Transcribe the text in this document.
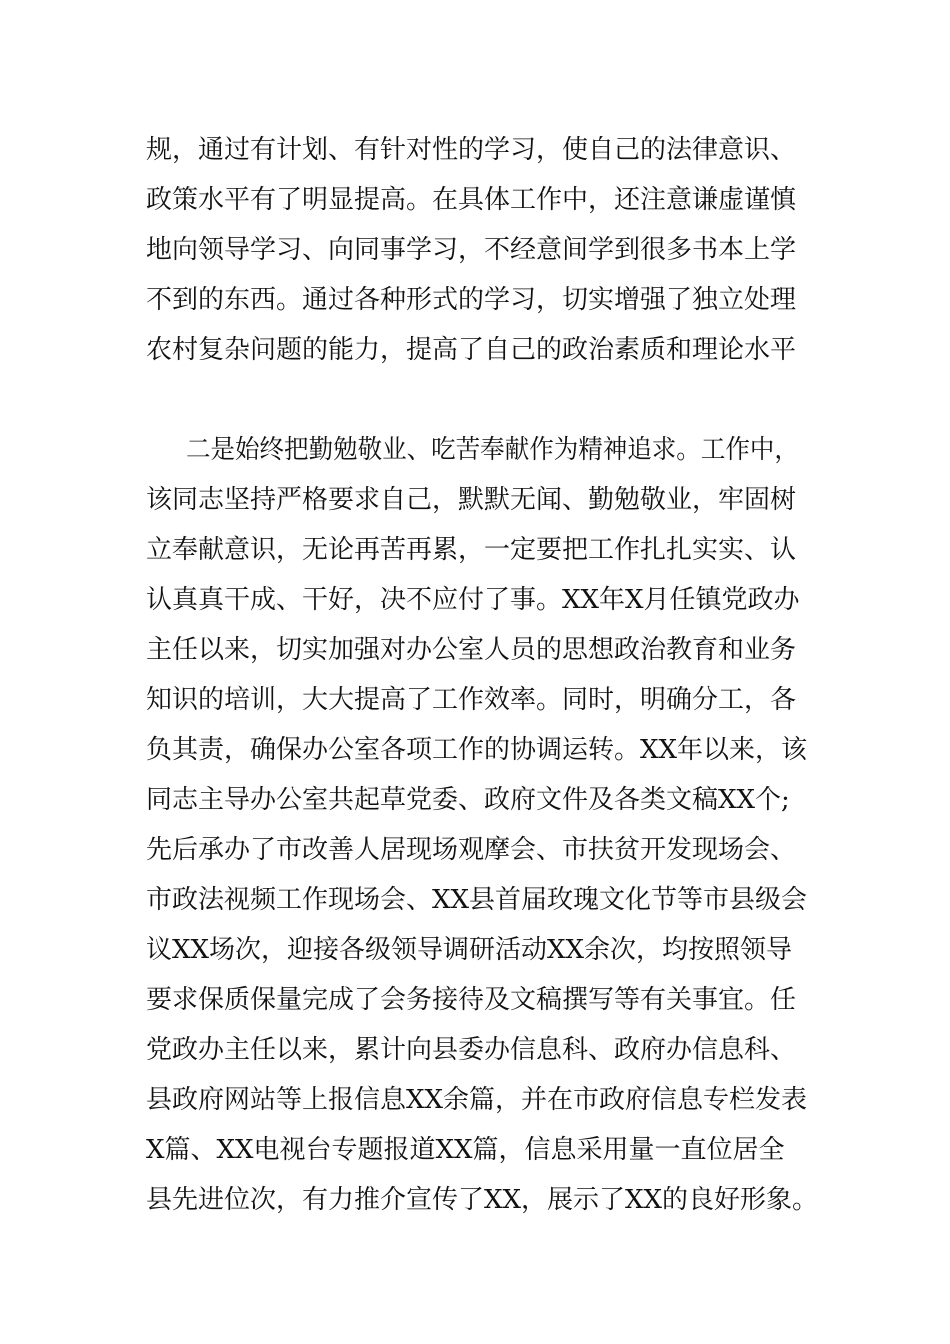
规，通过有计划、有针对性的学习，使自己的法律意识、
政策水平有了明显提高。在具体工作中，还注意谦虚谨慎
地向领导学习、向同事学习，不经意间学到很多书本上学
不到的东西。通过各种形式的学习，切实增强了独立处理
农村复杂问题的能力，提高了自己的政治素质和理论水平
二是始终把勤勉敬业、吃苦奉献作为精神追求。工作中，
该同志坚持严格要求自己，默默无闻、勤勉敬业，牢固树
立奉献意识，无论再苦再累，一定要把工作扎扎实实、认
认真真干成、干好，决不应付了事。XX年X月任镇党政办
主任以来，切实加强对办公室人员的思想政治教育和业务
知识的培训，大大提高了工作效率。同时，明确分工，各
负其责，确保办公室各项工作的协调运转。XX年以来，该
同志主导办公室共起草党委、政府文件及各类文稿XX个;
先后承办了市改善人居现场观摩会、市扶贫开发现场会、
市政法视频工作现场会、XX县首届玫瑰文化节等市县级会
议XX场次，迎接各级领导调研活动XX余次，均按照领导
要求保质保量完成了会务接待及文稿撰写等有关事宜。任
党政办主任以来，累计向县委办信息科、政府办信息科、
县政府网站等上报信息XX余篇，并在市政府信息专栏发表
X篇、XX电视台专题报道XX篇，信息采用量一直位居全
县先进位次，有力推介宣传了XX，展示了XX的良好形象。
